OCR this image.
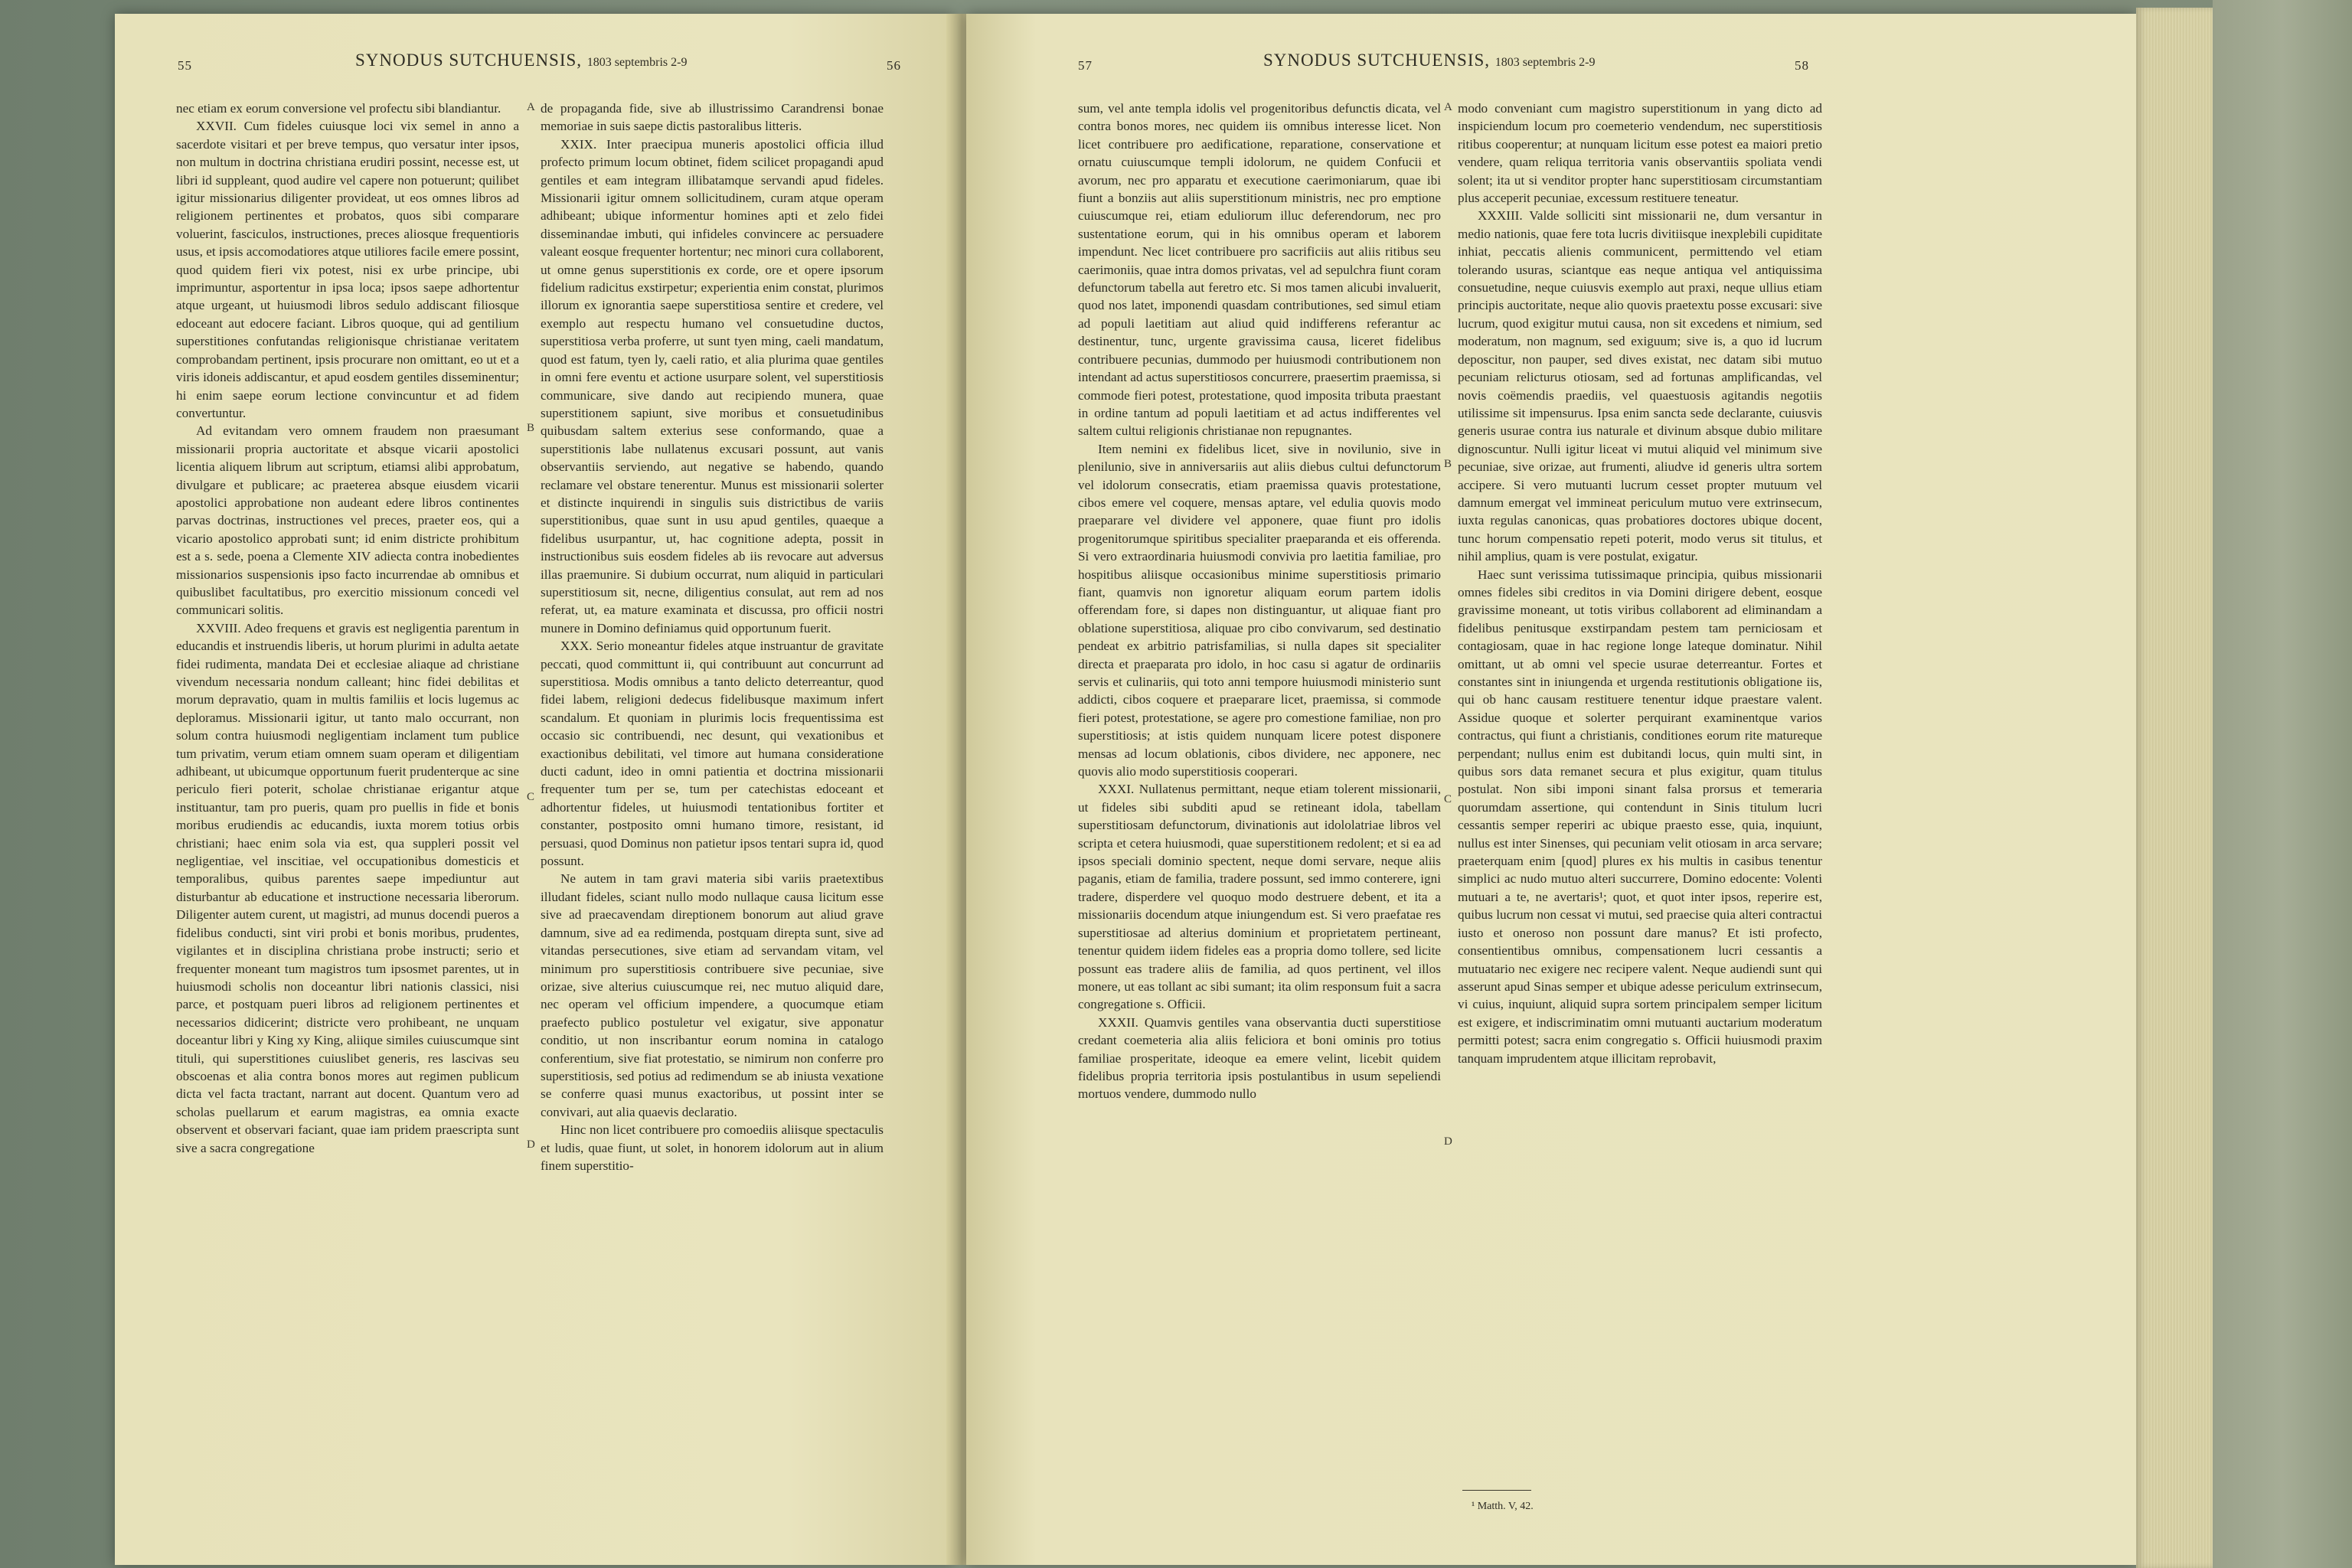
55	SYNODUS SUTCHUENSIS, 1803 septembris 2-9	56

nec etiam ex eorum conversione vel profectu sibi blandiantur.

XXVII. Cum fideles cuiusque loci vix semel in anno a sacerdote visitari et per breve tempus, quo versatur inter ipsos, non multum in doctrina christiana erudiri possint, necesse est, ut libri id suppleant, quod audire vel capere non potuerunt; quilibet igitur missionarius diligenter provideat, ut eos omnes libros ad religionem pertinentes et probatos, quos sibi comparare voluerint, fasciculos, instructiones, preces aliosque frequentioris usus, et ipsis accomodatiores atque utiliores facile emere possint, quod quidem fieri vix potest, nisi ex urbe principe, ubi imprimuntur, asportentur in ipsa loca; ipsos saepe adhortentur atque urgeant, ut huiusmodi libros sedulo addiscant filiosque edoceant aut edocere faciant. Libros quoque, qui ad gentilium superstitiones confutandas religionisque christianae veritatem comprobandam pertinent, ipsis procurare non omittant, eo ut et a viris idoneis addiscantur, et apud eosdem gentiles disseminentur; hi enim saepe eorum lectione convincuntur et ad fidem convertuntur.

Ad evitandam vero omnem fraudem non praesumant missionarii propria auctoritate et absque vicarii apostolici licentia aliquem librum aut scriptum, etiamsi alibi approbatum, divulgare et publicare; ac praeterea absque eiusdem vicarii apostolici approbatione non audeant edere libros continentes parvas doctrinas, instructiones vel preces, praeter eos, qui a vicario apostolico approbati sunt; id enim districte prohibitum est a s. sede, poena a Clemente XIV adiecta contra inobedientes missionarios suspensionis ipso facto incurrendae ab omnibus et quibuslibet facultatibus, pro exercitio missionum concedi vel communicari solitis.

XXVIII. Adeo frequens et gravis est negligentia parentum in educandis et instruendis liberis, ut horum plurimi in adulta aetate fidei rudimenta, mandata Dei et ecclesiae aliaque ad christiane vivendum necessaria nondum calleant; hinc fidei debilitas et morum depravatio, quam in multis familiis et locis lugemus ac deploramus. Missionarii igitur, ut tanto malo occurrant, non solum contra huiusmodi negligentiam inclament tum publice tum privatim, verum etiam omnem suam operam et diligentiam adhibeant, ut ubicumque opportunum fuerit prudenterque ac sine periculo fieri poterit, scholae christianae erigantur atque instituantur, tam pro pueris, quam pro puellis in fide et bonis moribus erudiendis ac educandis, iuxta morem totius orbis christiani; haec enim sola via est, qua suppleri possit vel negligentiae, vel inscitiae, vel occupationibus domesticis et temporalibus, quibus parentes saepe impediuntur aut disturbantur ab educatione et instructione necessaria liberorum. Diligenter autem curent, ut magistri, ad munus docendi pueros a fidelibus conducti, sint viri probi et bonis moribus, prudentes, vigilantes et in disciplina christiana probe instructi; serio et frequenter moneant tum magistros tum ipsosmet parentes, ut in huiusmodi scholis non doceantur libri nationis classici, nisi parce, et postquam pueri libros ad religionem pertinentes et necessarios didicerint; districte vero prohibeant, ne unquam doceantur libri y King xy King, aliique similes cuiuscumque sint tituli, qui superstitiones cuiuslibet generis, res lascivas seu obscoenas et alia contra bonos mores aut regimen publicum dicta vel facta tractant, narrant aut docent. Quantum vero ad scholas puellarum et earum magistras, ea omnia exacte observent et observari faciant, quae iam pridem praescripta sunt sive a sacra congregatione

A
B
C
D

de propaganda fide, sive ab illustrissimo Carandrensi bonae memoriae in suis saepe dictis pastoralibus litteris.

XXIX. Inter praecipua muneris apostolici officia illud profecto primum locum obtinet, fidem scilicet propagandi apud gentiles et eam integram illibatamque servandi apud fideles. Missionarii igitur omnem sollicitudinem, curam atque operam adhibeant; ubique informentur homines apti et zelo fidei disseminandae imbuti, qui infideles convincere ac persuadere valeant eosque frequenter hortentur; nec minori cura collaborent, ut omne genus superstitionis ex corde, ore et opere ipsorum fidelium radicitus exstirpetur; experientia enim constat, plurimos illorum ex ignorantia saepe superstitiosa sentire et credere, vel exemplo aut respectu humano vel consuetudine ductos, superstitiosa verba proferre, ut sunt tyen ming, caeli mandatum, quod est fatum, tyen ly, caeli ratio, et alia plurima quae gentiles in omni fere eventu et actione usurpare solent, vel superstitiosis communicare, sive dando aut recipiendo munera, quae superstitionem sapiunt, sive moribus et consuetudinibus quibusdam saltem exterius sese conformando, quae a superstitionis labe nullatenus excusari possunt, aut vanis observantiis serviendo, aut negative se habendo, quando reclamare vel obstare tenerentur. Munus est missionarii solerter et distincte inquirendi in singulis suis districtibus de variis superstitionibus, quae sunt in usu apud gentiles, quaeque a fidelibus usurpantur, ut, hac cognitione adepta, possit in instructionibus suis eosdem fideles ab iis revocare aut adversus illas praemunire. Si dubium occurrat, num aliquid in particulari superstitiosum sit, necne, diligentius consulat, aut rem ad nos referat, ut, ea mature examinata et discussa, pro officii nostri munere in Domino definiamus quid opportunum fuerit.

XXX. Serio moneantur fideles atque instruantur de gravitate peccati, quod committunt ii, qui contribuunt aut concurrunt ad superstitiosa. Modis omnibus a tanto delicto deterreantur, quod fidei labem, religioni dedecus fidelibusque maximum infert scandalum. Et quoniam in plurimis locis frequentissima est occasio sic contribuendi, nec desunt, qui vexationibus et exactionibus debilitati, vel timore aut humana consideratione ducti cadunt, ideo in omni patientia et doctrina missionarii frequenter tum per se, tum per catechistas edoceant et adhortentur fideles, ut huiusmodi tentationibus fortiter et constanter, postposito omni humano timore, resistant, id persuasi, quod Dominus non patietur ipsos tentari supra id, quod possunt.

Ne autem in tam gravi materia sibi variis praetextibus illudant fideles, sciant nullo modo nullaque causa licitum esse sive ad praecavendam direptionem bonorum aut aliud grave damnum, sive ad ea redimenda, postquam direpta sunt, sive ad vitandas persecutiones, sive etiam ad servandam vitam, vel minimum pro superstitiosis contribuere sive pecuniae, sive orizae, sive alterius cuiuscumque rei, nec mutuo aliquid dare, nec operam vel officium impendere, a quocumque etiam praefecto publico postuletur vel exigatur, sive apponatur conditio, ut non inscribantur eorum nomina in catalogo conferentium, sive fiat protestatio, se nimirum non conferre pro superstitiosis, sed potius ad redimendum se ab iniusta vexatione se conferre quasi munus exactoribus, ut possint inter se convivari, aut alia quaevis declaratio.

Hinc non licet contribuere pro comoediis aliisque spectaculis et ludis, quae fiunt, ut solet, in honorem idolorum aut in alium finem superstitio-

57	SYNODUS SUTCHUENSIS, 1803 septembris 2-9	58

sum, vel ante templa idolis vel progenitoribus defunctis dicata, vel contra bonos mores, nec quidem iis omnibus interesse licet. Non licet contribuere pro aedificatione, reparatione, conservatione et ornatu cuiuscumque templi idolorum, ne quidem Confucii et avorum, nec pro apparatu et executione caerimoniarum, quae ibi fiunt a bonziis aut aliis superstitionum ministris, nec pro emptione cuiuscumque rei, etiam eduliorum illuc deferendorum, nec pro sustentatione eorum, qui in his omnibus operam et laborem impendunt. Nec licet contribuere pro sacrificiis aut aliis ritibus seu caerimoniis, quae intra domos privatas, vel ad sepulchra fiunt coram defunctorum tabella aut feretro etc. Si mos tamen alicubi invaluerit, quod nos latet, imponendi quasdam contributiones, sed simul etiam ad populi laetitiam aut aliud quid indifferens referantur ac destinentur, tunc, urgente gravissima causa, liceret fidelibus contribuere pecunias, dummodo per huiusmodi contributionem non intendant ad actus superstitiosos concurrere, praesertim praemissa, si commode fieri potest, protestatione, quod imposita tributa praestant in ordine tantum ad populi laetitiam et ad actus indifferentes vel saltem cultui religionis christianae non repugnantes.

Item nemini ex fidelibus licet, sive in novilunio, sive in plenilunio, sive in anniversariis aut aliis diebus cultui defunctorum vel idolorum consecratis, etiam praemissa quavis protestatione, cibos emere vel coquere, mensas aptare, vel edulia quovis modo praeparare vel dividere vel apponere, quae fiunt pro idolis progenitorumque spiritibus specialiter praeparanda et eis offerenda. Si vero extraordinaria huiusmodi convivia pro laetitia familiae, pro hospitibus aliisque occasionibus minime superstitiosis primario fiant, quamvis non ignoretur aliquam eorum partem idolis offerendam fore, si dapes non distinguantur, ut aliquae fiant pro oblatione superstitiosa, aliquae pro cibo convivarum, sed destinatio pendeat ex arbitrio patrisfamilias, si nulla dapes sit specialiter directa et praeparata pro idolo, in hoc casu si agatur de ordinariis servis et culinariis, qui toto anni tempore huiusmodi ministerio sunt addicti, cibos coquere et praeparare licet, praemissa, si commode fieri potest, protestatione, se agere pro comestione familiae, non pro superstitiosis; at istis quidem nunquam licere potest disponere mensas ad locum oblationis, cibos dividere, nec apponere, nec quovis alio modo superstitiosis cooperari.

XXXI. Nullatenus permittant, neque etiam tolerent missionarii, ut fideles sibi subditi apud se retineant idola, tabellam superstitiosam defunctorum, divinationis aut idololatriae libros vel scripta et cetera huiusmodi, quae superstitionem redolent; et si ea ad ipsos speciali dominio spectent, neque domi servare, neque aliis paganis, etiam de familia, tradere possunt, sed immo conterere, igni tradere, disperdere vel quoquo modo destruere debent, et ita a missionariis docendum atque iniungendum est. Si vero praefatae res superstitiosae ad alterius dominium et proprietatem pertineant, tenentur quidem iidem fideles eas a propria domo tollere, sed licite possunt eas tradere aliis de familia, ad quos pertinent, vel illos monere, ut eas tollant ac sibi sumant; ita olim responsum fuit a sacra congregatione s. Officii.

XXXII. Quamvis gentiles vana observantia ducti superstitiose credant coemeteria alia aliis feliciora et boni ominis pro totius familiae prosperitate, ideoque ea emere velint, licebit quidem fidelibus propria territoria ipsis postulantibus in usum sepeliendi mortuos vendere, dummodo nullo

A
B
C
D

modo conveniant cum magistro superstitionum in yang dicto ad inspiciendum locum pro coemeterio vendendum, nec superstitiosis ritibus cooperentur; at nunquam licitum esse potest ea maiori pretio vendere, quam reliqua territoria vanis observantiis spoliata vendi solent; ita ut si venditor propter hanc superstitiosam circumstantiam plus acceperit pecuniae, excessum restituere teneatur.

XXXIII. Valde solliciti sint missionarii ne, dum versantur in medio nationis, quae fere tota lucris divitiisque inexplebili cupiditate inhiat, peccatis alienis communicent, permittendo vel etiam tolerando usuras, sciantque eas neque antiqua vel antiquissima consuetudine, neque cuiusvis exemplo aut praxi, neque ullius etiam principis auctoritate, neque alio quovis praetextu posse excusari: sive lucrum, quod exigitur mutui causa, non sit excedens et nimium, sed moderatum, non magnum, sed exiguum; sive is, a quo id lucrum deposcitur, non pauper, sed dives existat, nec datam sibi mutuo pecuniam relicturus otiosam, sed ad fortunas amplificandas, vel novis coëmendis praediis, vel quaestuosis agitandis negotiis utilissime sit impensurus. Ipsa enim sancta sede declarante, cuiusvis generis usurae contra ius naturale et divinum absque dubio militare dignoscuntur. Nulli igitur liceat vi mutui aliquid vel minimum sive pecuniae, sive orizae, aut frumenti, aliudve id generis ultra sortem accipere. Si vero mutuanti lucrum cesset propter mutuum vel damnum emergat vel immineat periculum mutuo vere extrinsecum, iuxta regulas canonicas, quas probatiores doctores ubique docent, tunc horum compensatio repeti poterit, modo verus sit titulus, et nihil amplius, quam is vere postulat, exigatur.

Haec sunt verissima tutissimaque principia, quibus missionarii omnes fideles sibi creditos in via Domini dirigere debent, eosque gravissime moneant, ut totis viribus collaborent ad eliminandam a fidelibus penitusque exstirpandam pestem tam perniciosam et contagiosam, quae in hac regione longe lateque dominatur. Nihil omittant, ut ab omni vel specie usurae deterreantur. Fortes et constantes sint in iniungenda et urgenda restitutionis obligatione iis, qui ob hanc causam restituere tenentur idque praestare valent. Assidue quoque et solerter perquirant examinentque varios contractus, qui fiunt a christianis, conditiones eorum rite matureque perpendant; nullus enim est dubitandi locus, quin multi sint, in quibus sors data remanet secura et plus exigitur, quam titulus postulat. Non sibi imponi sinant falsa prorsus et temeraria quorumdam assertione, qui contendunt in Sinis titulum lucri cessantis semper reperiri ac ubique praesto esse, quia, inquiunt, nullus est inter Sinenses, qui pecuniam velit otiosam in arca servare; praeterquam enim [quod] plures ex his multis in casibus tenentur simplici ac nudo mutuo alteri succurrere, Domino edocente: Volenti mutuari a te, ne avertaris¹; quot, et quot inter ipsos, reperire est, quibus lucrum non cessat vi mutui, sed praecise quia alteri contractui iusto et oneroso non possunt dare manus? Et isti profecto, consentientibus omnibus, compensationem lucri cessantis a mutuatario nec exigere nec recipere valent. Neque audiendi sunt qui asserunt apud Sinas semper et ubique adesse periculum extrinsecum, vi cuius, inquiunt, aliquid supra sortem principalem semper licitum est exigere, et indiscriminatim omni mutuanti auctarium moderatum permitti potest; sacra enim congregatio s. Officii huiusmodi praxim tanquam imprudentem atque illicitam reprobavit,

¹ Matth. V, 42.
